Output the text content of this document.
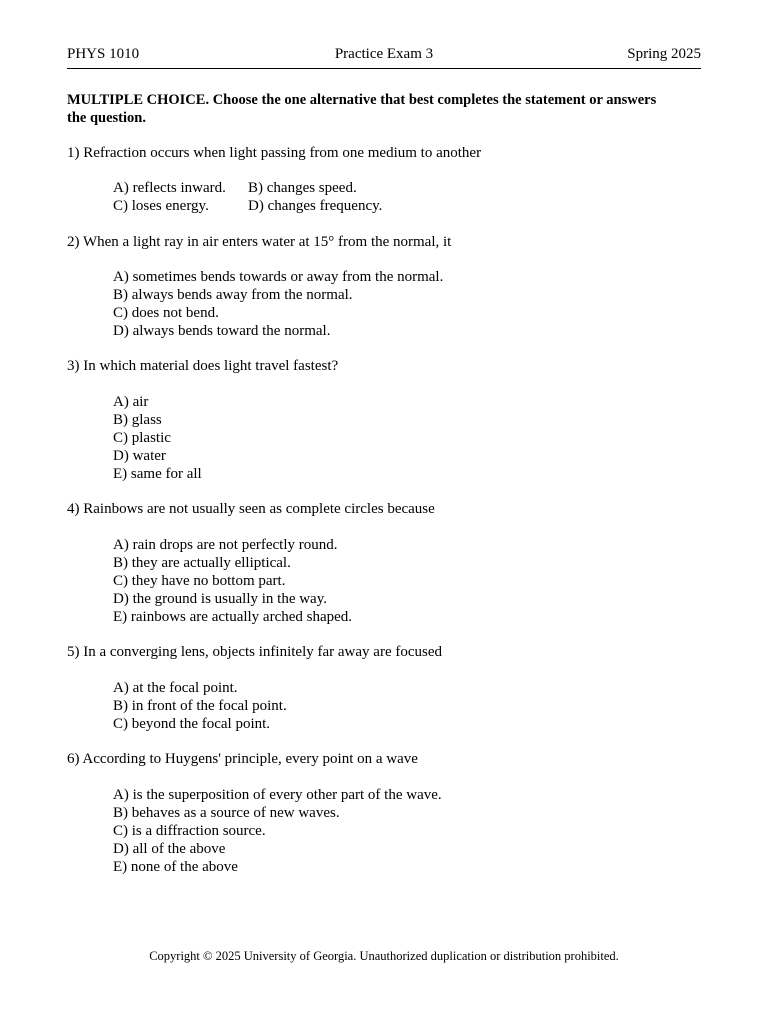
PHYS 1010	Practice Exam 3	Spring 2025
MULTIPLE CHOICE. Choose the one alternative that best completes the statement or answers the question.
1) Refraction occurs when light passing from one medium to another
A) reflects inward. B) changes speed.
C) loses energy.	D) changes frequency.
2) When a light ray in air enters water at 15° from the normal, it
A) sometimes bends towards or away from the normal.
B) always bends away from the normal.
C) does not bend.
D) always bends toward the normal.
3) In which material does light travel fastest?
A) air
B) glass
C) plastic
D) water
E) same for all
4) Rainbows are not usually seen as complete circles because
A) rain drops are not perfectly round.
B) they are actually elliptical.
C) they have no bottom part.
D) the ground is usually in the way.
E) rainbows are actually arched shaped.
5) In a converging lens, objects infinitely far away are focused
A) at the focal point.
B) in front of the focal point.
C) beyond the focal point.
6) According to Huygens' principle, every point on a wave
A) is the superposition of every other part of the wave.
B) behaves as a source of new waves.
C) is a diffraction source.
D) all of the above
E) none of the above
Copyright © 2025 University of Georgia. Unauthorized duplication or distribution prohibited.
